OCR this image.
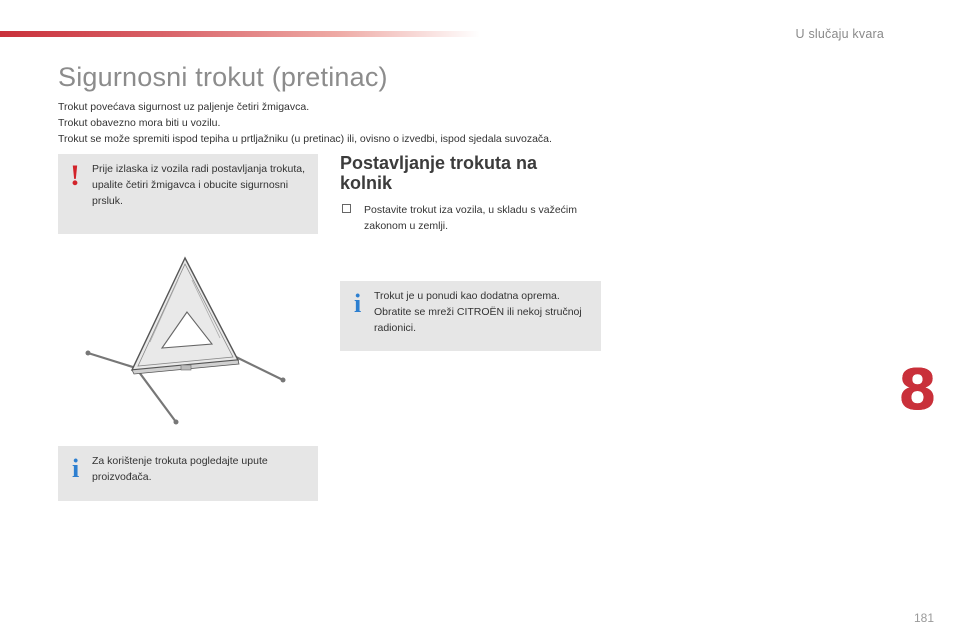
U slučaju kvara
Sigurnosni trokut (pretinac)
Trokut povećava sigurnost uz paljenje četiri žmigavca.
Trokut obavezno mora biti u vozilu.
Trokut se može spremiti ispod tepiha u prtljažniku (u pretinac) ili, ovisno o izvedbi, ispod sjedala suvozača.
! Prije izlaska iz vozila radi postavljanja trokuta, upalite četiri žmigavca i obucite sigurnosni prsluk.
i Za korištenje trokuta pogledajte upute proizvođača.
Postavljanje trokuta na kolnik
Postavite trokut iza vozila, u skladu s važećim zakonom u zemlji.
i Trokut je u ponudi kao dodatna oprema. Obratite se mreži CITROËN ili nekoj stručnoj radionici.
8
181
